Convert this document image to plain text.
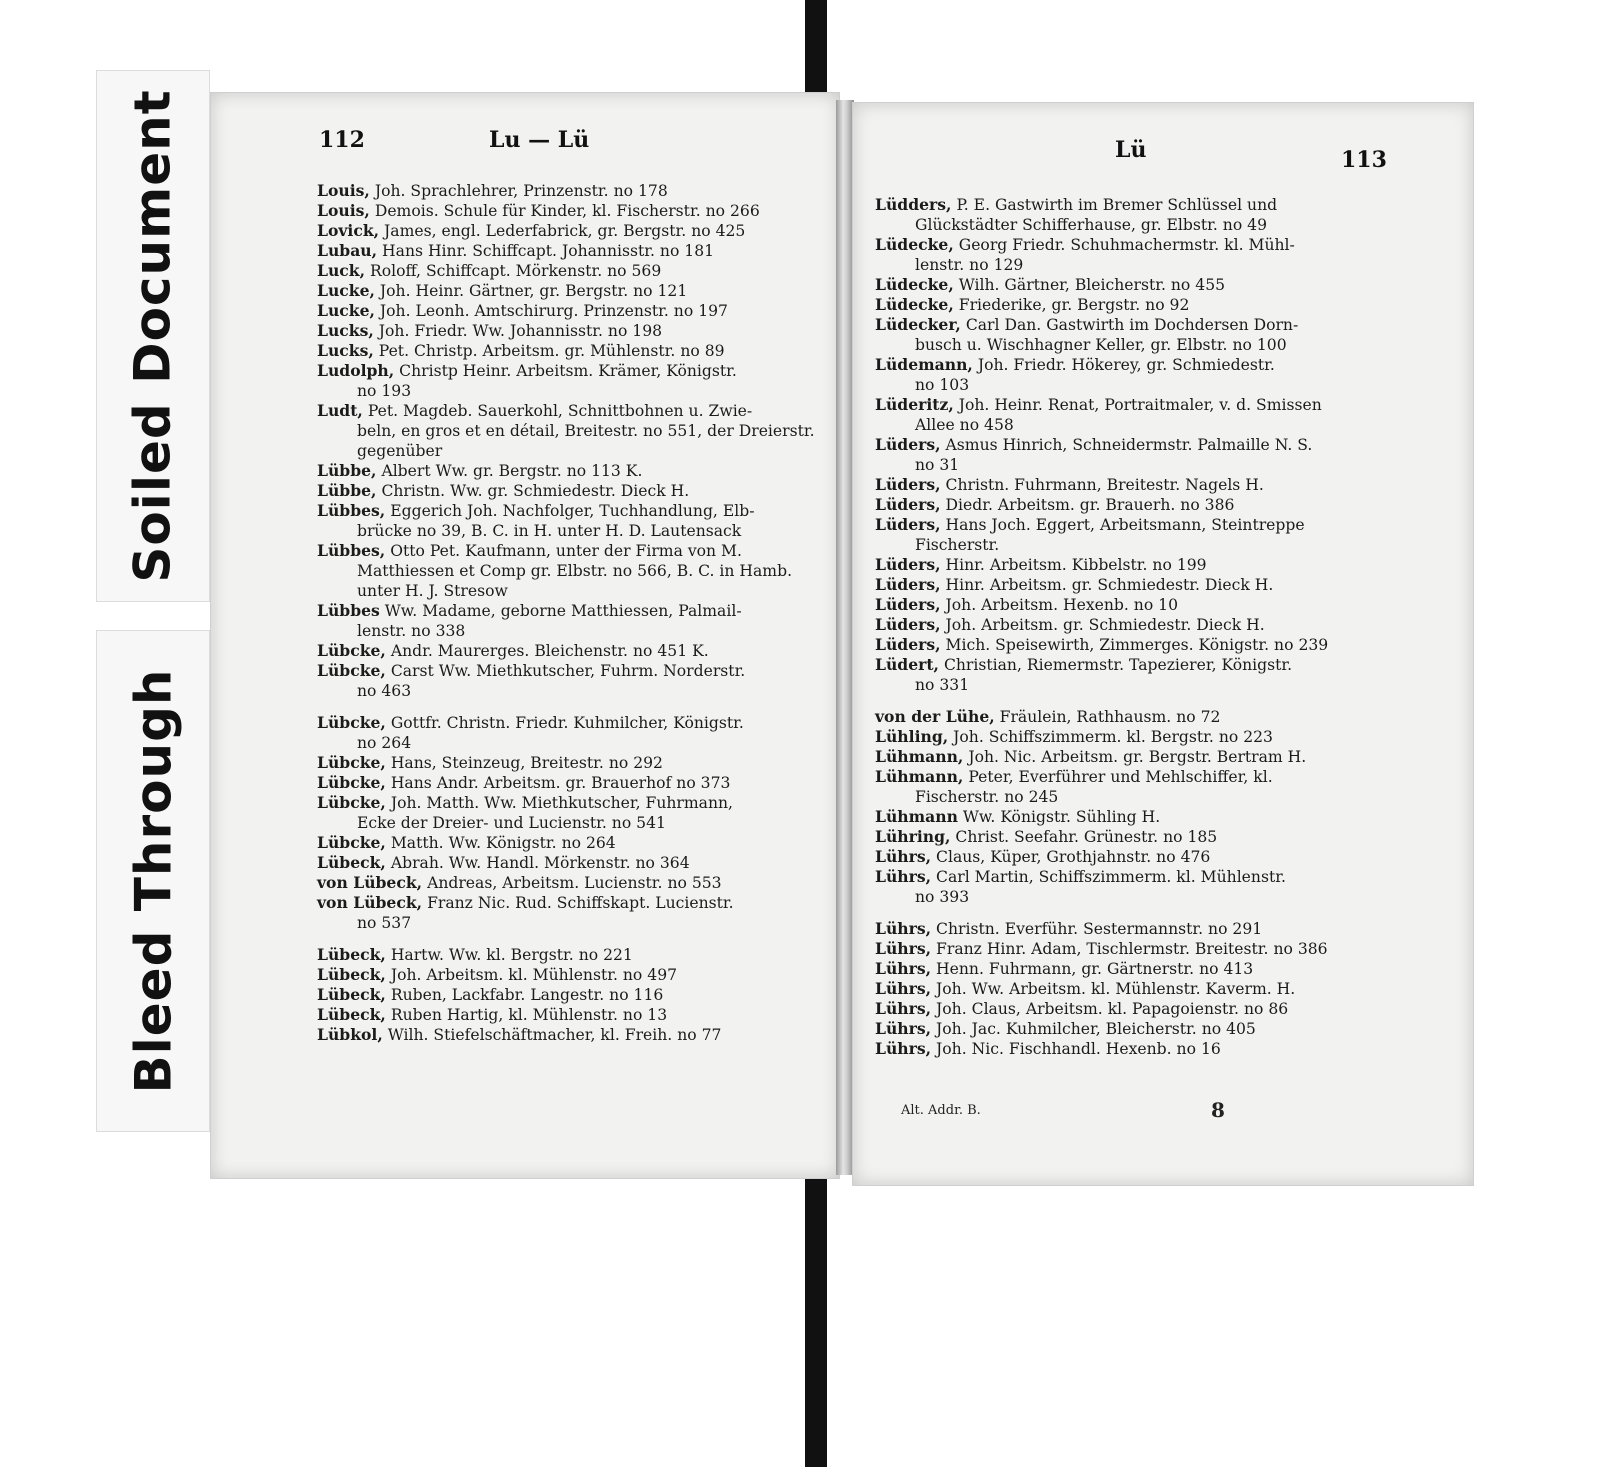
Soiled Document
Bleed Through
112	Lu — Lü

Louis, Joh. Sprachlehrer, Prinzenstr. no 178

Louis, Demois. Schule für Kinder, kl. Fischerstr. no 266

Lovick, James, engl. Lederfabrick, gr. Bergstr. no 425

Lubau, Hans Hinr. Schiffcapt. Johannisstr. no 181

Luck, Roloff, Schiffcapt. Mörkenstr. no 569

Lucke, Joh. Heinr. Gärtner, gr. Bergstr. no 121

Lucke, Joh. Leonh. Amtschirurg. Prinzenstr. no 197

Lucks, Joh. Friedr. Ww. Johannisstr. no 198

Lucks, Pet. Christp. Arbeitsm. gr. Mühlenstr. no 89

Ludolph, Christp Heinr. Arbeitsm. Krämer, Königstr.
no 193

Ludt, Pet. Magdeb. Sauerkohl, Schnittbohnen u. Zwie-
beln, en gros et en détail, Breitestr. no 551, der Dreierstr. gegenüber

Lübbe, Albert Ww. gr. Bergstr. no 113 K.

Lübbe, Christn. Ww. gr. Schmiedestr. Dieck H.

Lübbes, Eggerich Joh. Nachfolger, Tuchhandlung, Elb-
brücke no 39, B. C. in H. unter H. D. Lautensack

Lübbes, Otto Pet. Kaufmann, unter der Firma von M.
Matthiessen et Comp gr. Elbstr. no 566, B. C. in Hamb. unter H. J. Stresow

Lübbes Ww. Madame, geborne Matthiessen, Palmail-
lenstr. no 338

Lübcke, Andr. Maurerges. Bleichenstr. no 451 K.

Lübcke, Carst Ww. Miethkutscher, Fuhrm. Norderstr.
no 463

Lübcke, Gottfr. Christn. Friedr. Kuhmilcher, Königstr.
no 264

Lübcke, Hans, Steinzeug, Breitestr. no 292

Lübcke, Hans Andr. Arbeitsm. gr. Brauerhof no 373

Lübcke, Joh. Matth. Ww. Miethkutscher, Fuhrmann,
Ecke der Dreier- und Lucienstr. no 541

Lübcke, Matth. Ww. Königstr. no 264

Lübeck, Abrah. Ww. Handl. Mörkenstr. no 364

von Lübeck, Andreas, Arbeitsm. Lucienstr. no 553

von Lübeck, Franz Nic. Rud. Schiffskapt. Lucienstr.
no 537

Lübeck, Hartw. Ww. kl. Bergstr. no 221

Lübeck, Joh. Arbeitsm. kl. Mühlenstr. no 497

Lübeck, Ruben, Lackfabr. Langestr. no 116

Lübeck, Ruben Hartig, kl. Mühlenstr. no 13

Lübkol, Wilh. Stiefelschäftmacher, kl. Freih. no 77

Lü	113

Lüdders, P. E. Gastwirth im Bremer Schlüssel und
Glückstädter Schifferhause, gr. Elbstr. no 49

Lüdecke, Georg Friedr. Schuhmachermstr. kl. Mühl-
lenstr. no 129

Lüdecke, Wilh. Gärtner, Bleicherstr. no 455

Lüdecke, Friederike, gr. Bergstr. no 92

Lüdecker, Carl Dan. Gastwirth im Dochdersen Dorn-
busch u. Wischhagner Keller, gr. Elbstr. no 100

Lüdemann, Joh. Friedr. Hökerey, gr. Schmiedestr.
no 103

Lüderitz, Joh. Heinr. Renat, Portraitmaler, v. d. Smissen
Allee no 458

Lüders, Asmus Hinrich, Schneidermstr. Palmaille N. S.
no 31

Lüders, Christn. Fuhrmann, Breitestr. Nagels H.

Lüders, Diedr. Arbeitsm. gr. Brauerh. no 386

Lüders, Hans Joch. Eggert, Arbeitsmann, Steintreppe
Fischerstr.

Lüders, Hinr. Arbeitsm. Kibbelstr. no 199

Lüders, Hinr. Arbeitsm. gr. Schmiedestr. Dieck H.

Lüders, Joh. Arbeitsm. Hexenb. no 10

Lüders, Joh. Arbeitsm. gr. Schmiedestr. Dieck H.

Lüders, Mich. Speisewirth, Zimmerges. Königstr. no 239

Lüdert, Christian, Riemermstr. Tapezierer, Königstr.
no 331

von der Lühe, Fräulein, Rathhausm. no 72

Lühling, Joh. Schiffszimmerm. kl. Bergstr. no 223

Lühmann, Joh. Nic. Arbeitsm. gr. Bergstr. Bertram H.

Lühmann, Peter, Everführer und Mehlschiffer, kl.
Fischerstr. no 245

Lühmann Ww. Königstr. Sühling H.

Lühring, Christ. Seefahr. Grünestr. no 185

Lührs, Claus, Küper, Grothjahnstr. no 476

Lührs, Carl Martin, Schiffszimmerm. kl. Mühlenstr.
no 393

Lührs, Christn. Everführ. Sestermannstr. no 291

Lührs, Franz Hinr. Adam, Tischlermstr. Breitestr. no 386

Lührs, Henn. Fuhrmann, gr. Gärtnerstr. no 413

Lührs, Joh. Ww. Arbeitsm. kl. Mühlenstr. Kaverm. H.

Lührs, Joh. Claus, Arbeitsm. kl. Papagoienstr. no 86

Lührs, Joh. Jac. Kuhmilcher, Bleicherstr. no 405

Lührs, Joh. Nic. Fischhandl. Hexenb. no 16

Alt. Addr. B.	8
